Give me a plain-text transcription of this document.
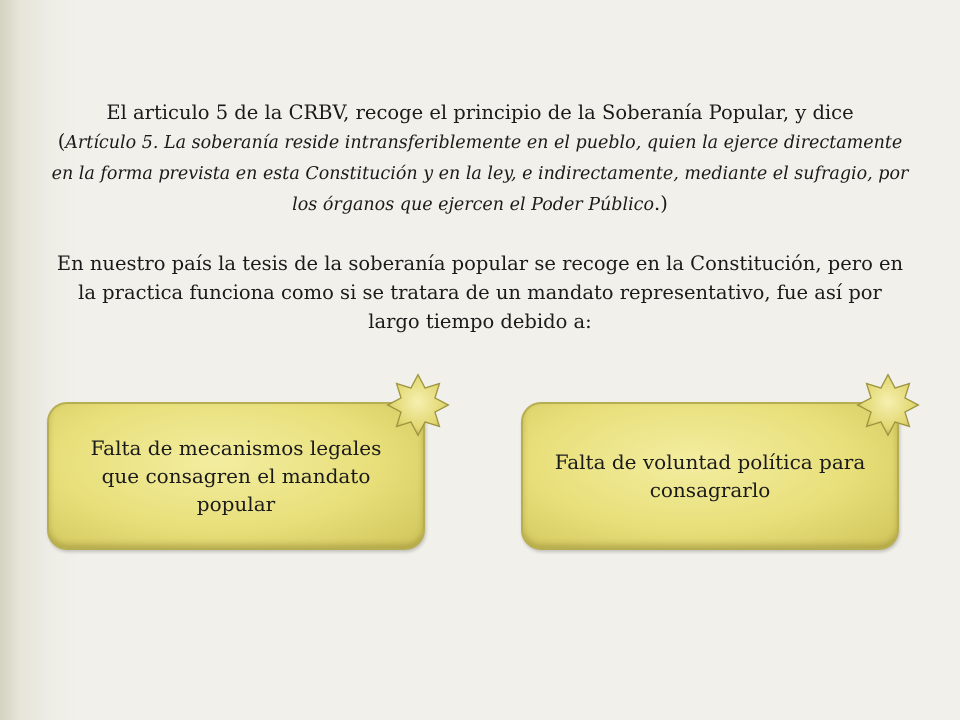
El articulo 5 de la CRBV, recoge el principio de la Soberanía Popular, y dice
(Artículo 5. La soberanía reside intransferiblemente en el pueblo, quien la ejerce directamente en la forma prevista en esta Constitución y en la ley, e indirectamente, mediante el sufragio, por los órganos que ejercen el Poder Público.)

En nuestro país la tesis de la soberanía popular se recoge en la Constitución, pero en la practica funciona como si se tratara de un mandato representativo, fue así por largo tiempo debido a:

Falta de mecanismos legales que consagren el mandato popular
Falta de voluntad política para consagrarlo
